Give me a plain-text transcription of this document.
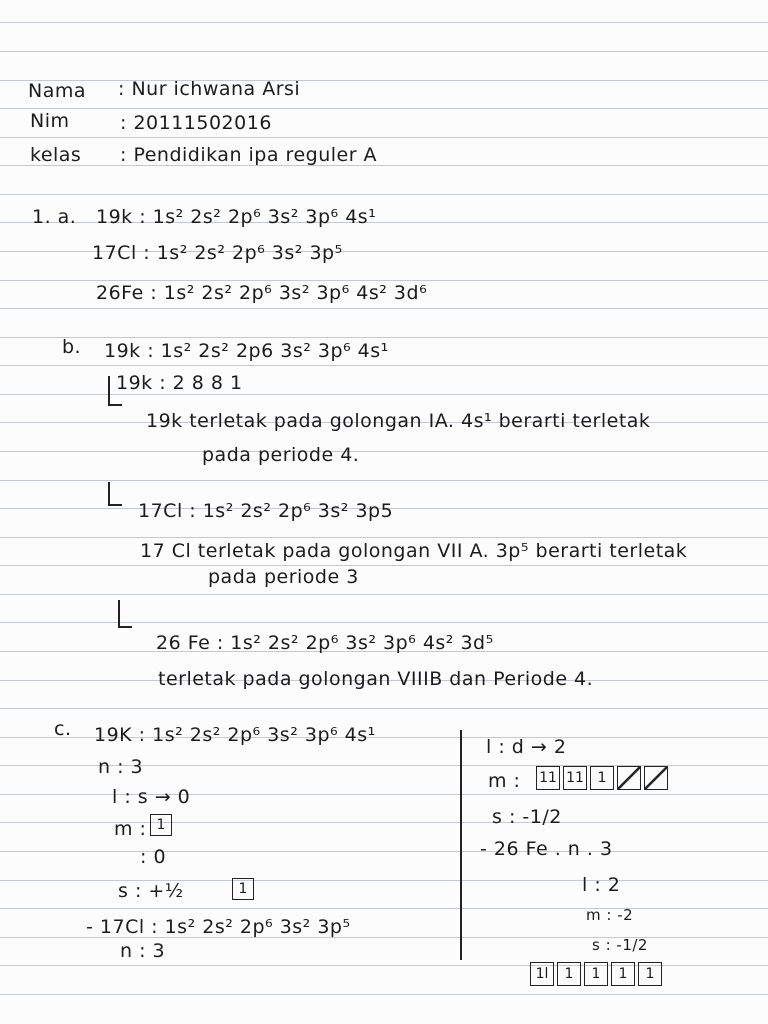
Nama : Nur ichwana Arsi
Nim	: 20111502016
kelas : Pendidikan ipa reguler A
1. a. 19k : 1s² 2s² 2p⁶ 3s² 3p⁶ 4s¹
17Cl : 1s² 2s² 2p⁶ 3s² 3p⁵
26Fe : 1s² 2s² 2p⁶ 3s² 3p⁶ 4s² 3d⁶
b. 19k : 1s² 2s² 2p6 3s² 3p⁶ 4s¹
19k : 2 8 8 1
19k terletak pada golongan IA. 4s¹ berarti terletak
pada periode 4.
17Cl : 1s² 2s² 2p⁶ 3s² 3p5
17 Cl terletak pada golongan VII A. 3p⁵ berarti terletak
pada periode 3
26 Fe : 1s² 2s² 2p⁶ 3s² 3p⁶ 4s² 3d⁵
terletak pada golongan VIIIB dan Periode 4.
c. 19K : 1s² 2s² 2p⁶ 3s² 3p⁶ 4s¹
n : 3
l : s → 0
m : 1
: 0
s : +½	1
- 17Cl : 1s² 2s² 2p⁶ 3s² 3p⁵
n : 3
l : d → 2
m : 11 11 1
s : -1/2
- 26 Fe . n . 3
l : 2
m : -2
s : -1/2
1l	1	1	1	1
